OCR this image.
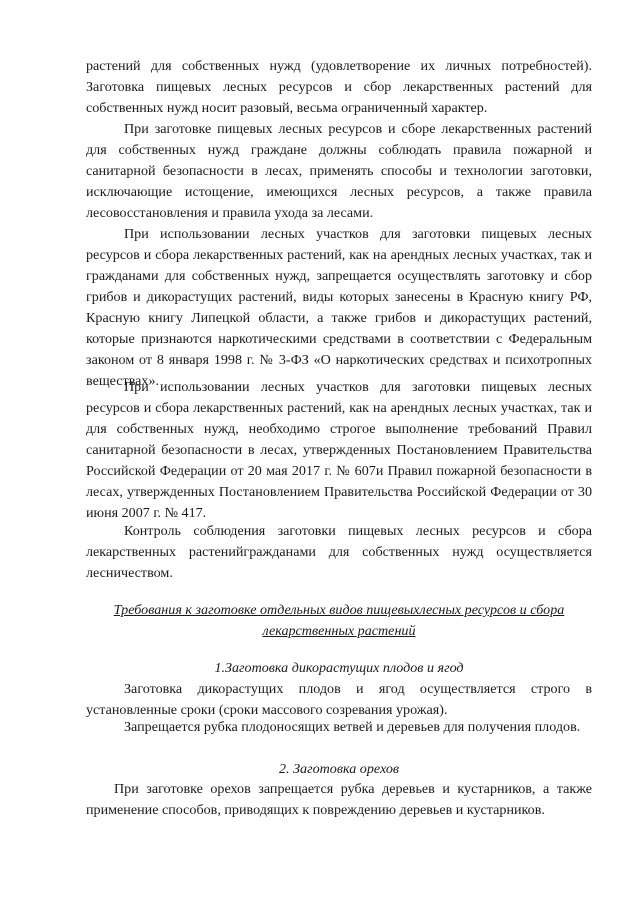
растений для собственных нужд (удовлетворение их личных потребностей). Заготовка пищевых лесных ресурсов и сбор лекарственных растений для собственных нужд носит разовый, весьма ограниченный характер.

При заготовке пищевых лесных ресурсов и сборе лекарственных растений для собственных нужд граждане должны соблюдать правила пожарной и санитарной безопасности в лесах, применять способы и технологии заготовки, исключающие истощение, имеющихся лесных ресурсов, а также правила лесовосстановления и правила ухода за лесами.

При использовании лесных участков для заготовки пищевых лесных ресурсов и сбора лекарственных растений, как на арендных лесных участках, так и гражданами для собственных нужд, запрещается осуществлять заготовку и сбор грибов и дикорастущих растений, виды которых занесены в Красную книгу РФ, Красную книгу Липецкой области, а также грибов и дикорастущих растений, которые признаются наркотическими средствами в соответствии с Федеральным законом от 8 января 1998 г. № 3-ФЗ «О наркотических средствах и психотропных веществах».

При использовании лесных участков для заготовки пищевых лесных ресурсов и сбора лекарственных растений, как на арендных лесных участках, так и для собственных нужд, необходимо строгое выполнение требований Правил санитарной безопасности в лесах, утвержденных Постановлением Правительства Российской Федерации от 20 мая 2017 г. № 607и Правил пожарной безопасности в лесах, утвержденных Постановлением Правительства Российской Федерации от 30 июня 2007 г. № 417.

Контроль соблюдения заготовки пищевых лесных ресурсов и сбора лекарственных растенийгражданами для собственных нужд осуществляется лесничеством.

Требования к заготовке отдельных видов пищевыхлесных ресурсов и сбора лекарственных растений
1.Заготовка дикорастущих плодов и ягод

Заготовка дикорастущих плодов и ягод осуществляется строго в установленные сроки (сроки массового созревания урожая).

Запрещается рубка плодоносящих ветвей и деревьев для получения плодов.

2. Заготовка орехов

При заготовке орехов запрещается рубка деревьев и кустарников, а также применение способов, приводящих к повреждению деревьев и кустарников.
